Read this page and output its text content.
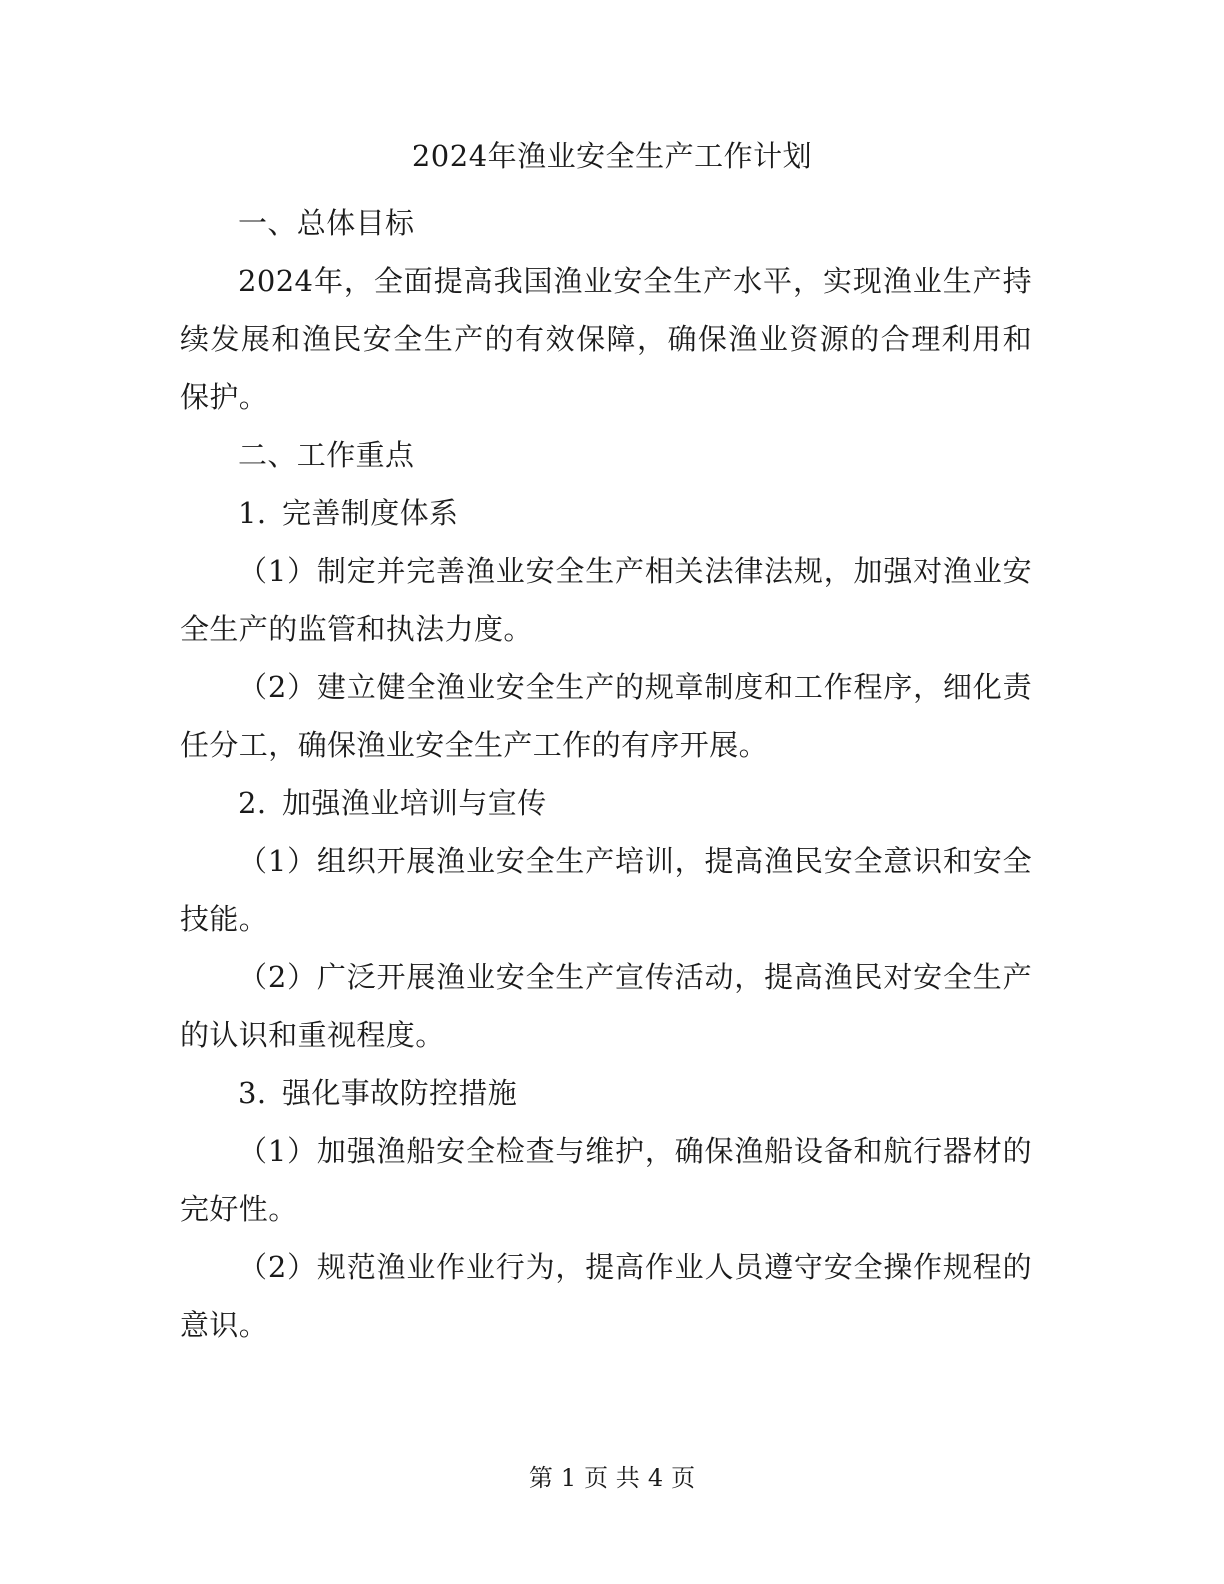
2024年渔业安全生产工作计划

一、总体目标

2024年，全面提高我国渔业安全生产水平，实现渔业生产持续发展和渔民安全生产的有效保障，确保渔业资源的合理利用和保护。

二、工作重点

1. 完善制度体系

（1）制定并完善渔业安全生产相关法律法规，加强对渔业安全生产的监管和执法力度。

（2）建立健全渔业安全生产的规章制度和工作程序，细化责任分工，确保渔业安全生产工作的有序开展。

2. 加强渔业培训与宣传

（1）组织开展渔业安全生产培训，提高渔民安全意识和安全技能。

（2）广泛开展渔业安全生产宣传活动，提高渔民对安全生产的认识和重视程度。

3. 强化事故防控措施

（1）加强渔船安全检查与维护，确保渔船设备和航行器材的完好性。

（2）规范渔业作业行为，提高作业人员遵守安全操作规程的意识。

第 1 页 共 4 页
